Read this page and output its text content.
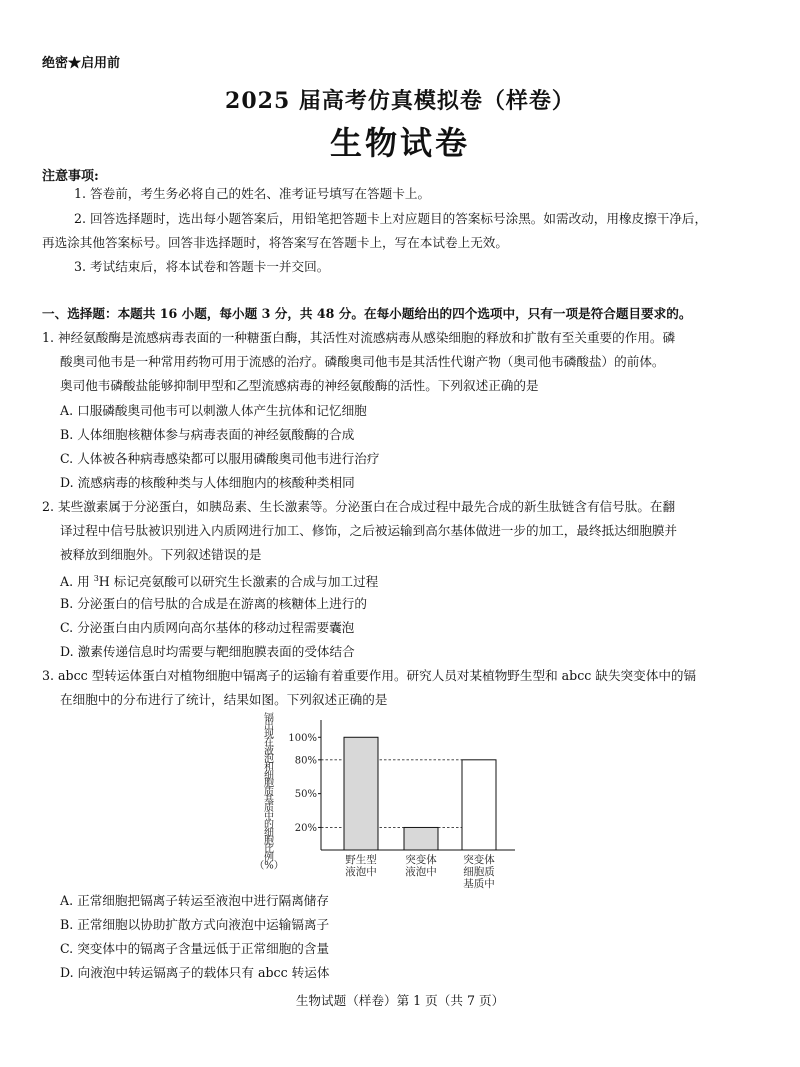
绝密★启用前
2025 届高考仿真模拟卷（样卷）
生物试卷
注意事项:
1. 答卷前，考生务必将自己的姓名、准考证号填写在答题卡上。
2. 回答选择题时，选出每小题答案后，用铅笔把答题卡上对应题目的答案标号涂黑。如需改动，用橡皮擦干净后，
再选涂其他答案标号。回答非选择题时，将答案写在答题卡上，写在本试卷上无效。
3. 考试结束后，将本试卷和答题卡一并交回。
一、选择题：本题共 16 小题，每小题 3 分，共 48 分。在每小题给出的四个选项中，只有一项是符合题目要求的。
1. 神经氨酸酶是流感病毒表面的一种糖蛋白酶，其活性对流感病毒从感染细胞的释放和扩散有至关重要的作用。磷
酸奥司他韦是一种常用药物可用于流感的治疗。磷酸奥司他韦是其活性代谢产物（奥司他韦磷酸盐）的前体。
奥司他韦磷酸盐能够抑制甲型和乙型流感病毒的神经氨酸酶的活性。下列叙述正确的是
A. 口服磷酸奥司他韦可以刺激人体产生抗体和记忆细胞
B. 人体细胞核糖体参与病毒表面的神经氨酸酶的合成
C. 人体被各种病毒感染都可以服用磷酸奥司他韦进行治疗
D. 流感病毒的核酸种类与人体细胞内的核酸种类相同
2. 某些激素属于分泌蛋白，如胰岛素、生长激素等。分泌蛋白在合成过程中最先合成的新生肽链含有信号肽。在翻
译过程中信号肽被识别进入内质网进行加工、修饰，之后被运输到高尔基体做进一步的加工，最终抵达细胞膜并
被释放到细胞外。下列叙述错误的是
A. 用 $^3$H 标记亮氨酸可以研究生长激素的合成与加工过程
B. 分泌蛋白的信号肽的合成是在游离的核糖体上进行的
C. 分泌蛋白由内质网向高尔基体的移动过程需要囊泡
D. 激素传递信息时均需要与靶细胞膜表面的受体结合
3. abcc 型转运体蛋白对植物细胞中镉离子的运输有着重要作用。研究人员对某植物野生型和 abcc 缺失突变体中的镉
在细胞中的分布进行了统计，结果如图。下列叙述正确的是
镉
出
现
在
液
泡
和
细
胞
质
基
质
中
的
细
胞
比
例
（%）
20%
50%
80%
100%
野生型
液泡中
突变体
液泡中
突变体
细胞质
基质中
A. 正常细胞把镉离子转运至液泡中进行隔离储存
B. 正常细胞以协助扩散方式向液泡中运输镉离子
C. 突变体中的镉离子含量远低于正常细胞的含量
D. 向液泡中转运镉离子的载体只有 abcc 转运体
生物试题（样卷）第 1 页（共 7 页）
